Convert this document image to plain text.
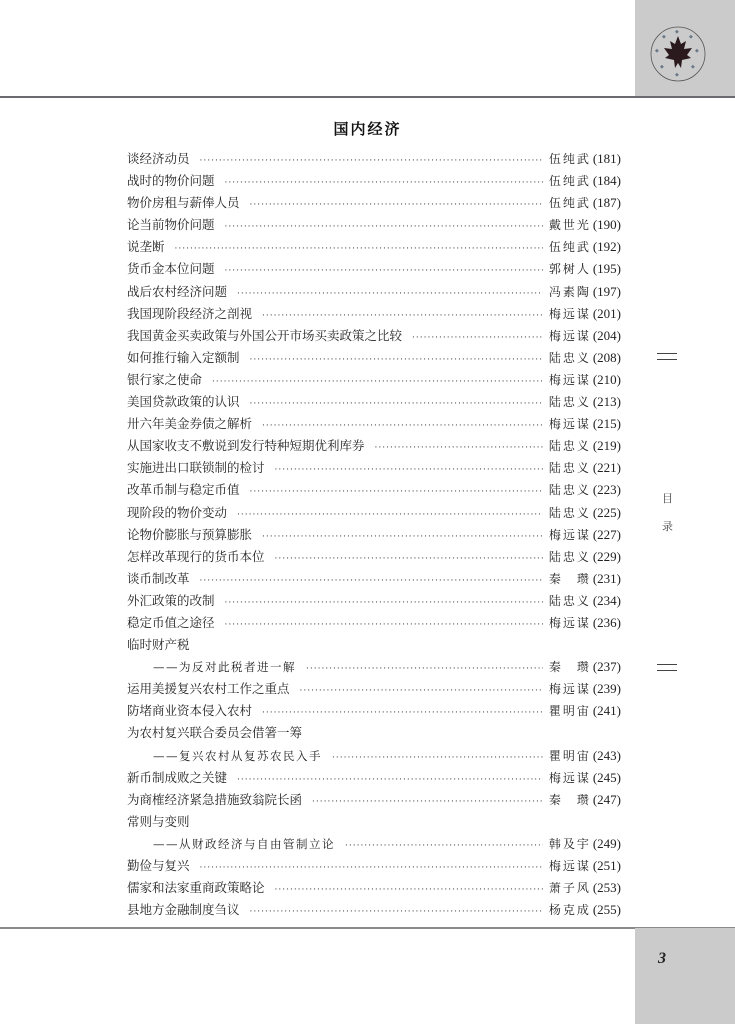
◆
◆
◆
◆
◆
◆
◆
◆
国内经济
谈经济动员 ·····	伍纯武 (181)
战时的物价问题 ·····	伍纯武 (184)
物价房租与薪俸人员 ·····	伍纯武 (187)
论当前物价问题 ·····	戴世光 (190)
说垄断 ·····	伍纯武 (192)
货币金本位问题 ·····	郭树人 (195)
战后农村经济问题 ·····	冯素陶 (197)
我国现阶段经济之剖视 ·····	梅远谋 (201)
我国黄金买卖政策与外国公开市场买卖政策之比较 ·····	梅远谋 (204)
如何推行输入定额制 ·····	陆忠义 (208)
银行家之使命 ·····	梅远谋 (210)
美国贷款政策的认识 ·····	陆忠义 (213)
卅六年美金券债之解析 ·····	梅远谋 (215)
从国家收支不敷说到发行特种短期优利库券 ·····	陆忠义 (219)
实施进出口联锁制的检讨 ·····	陆忠义 (221)
改革币制与稳定币值 ·····	陆忠义 (223)
现阶段的物价变动 ·····	陆忠义 (225)
论物价膨胀与预算膨胀 ·····	梅远谋 (227)
怎样改革现行的货币本位 ·····	陆忠义 (229)
谈币制改革 ·····	秦　瓒 (231)
外汇政策的改制 ·····	陆忠义 (234)
稳定币值之途径 ·····	梅远谋 (236)
临时财产税
——为反对此税者进一解 ·····	秦　瓒 (237)
运用美援复兴农村工作之重点 ·····	梅远谋 (239)
防堵商业资本侵入农村 ·····	瞿明宙 (241)
为农村复兴联合委员会借箸一筹
——复兴农村从复苏农民入手 ·····	瞿明宙 (243)
新币制成败之关键 ·····	梅远谋 (245)
为商榷经济紧急措施致翁院长函 ·····	秦　瓒 (247)
常则与变则
——从财政经济与自由管制立论 ·····	韩及宇 (249)
勤俭与复兴 ·····	梅远谋 (251)
儒家和法家重商政策略论 ·····	萧子风 (253)
县地方金融制度刍议 ·····	杨克成 (255)
目
录
3
